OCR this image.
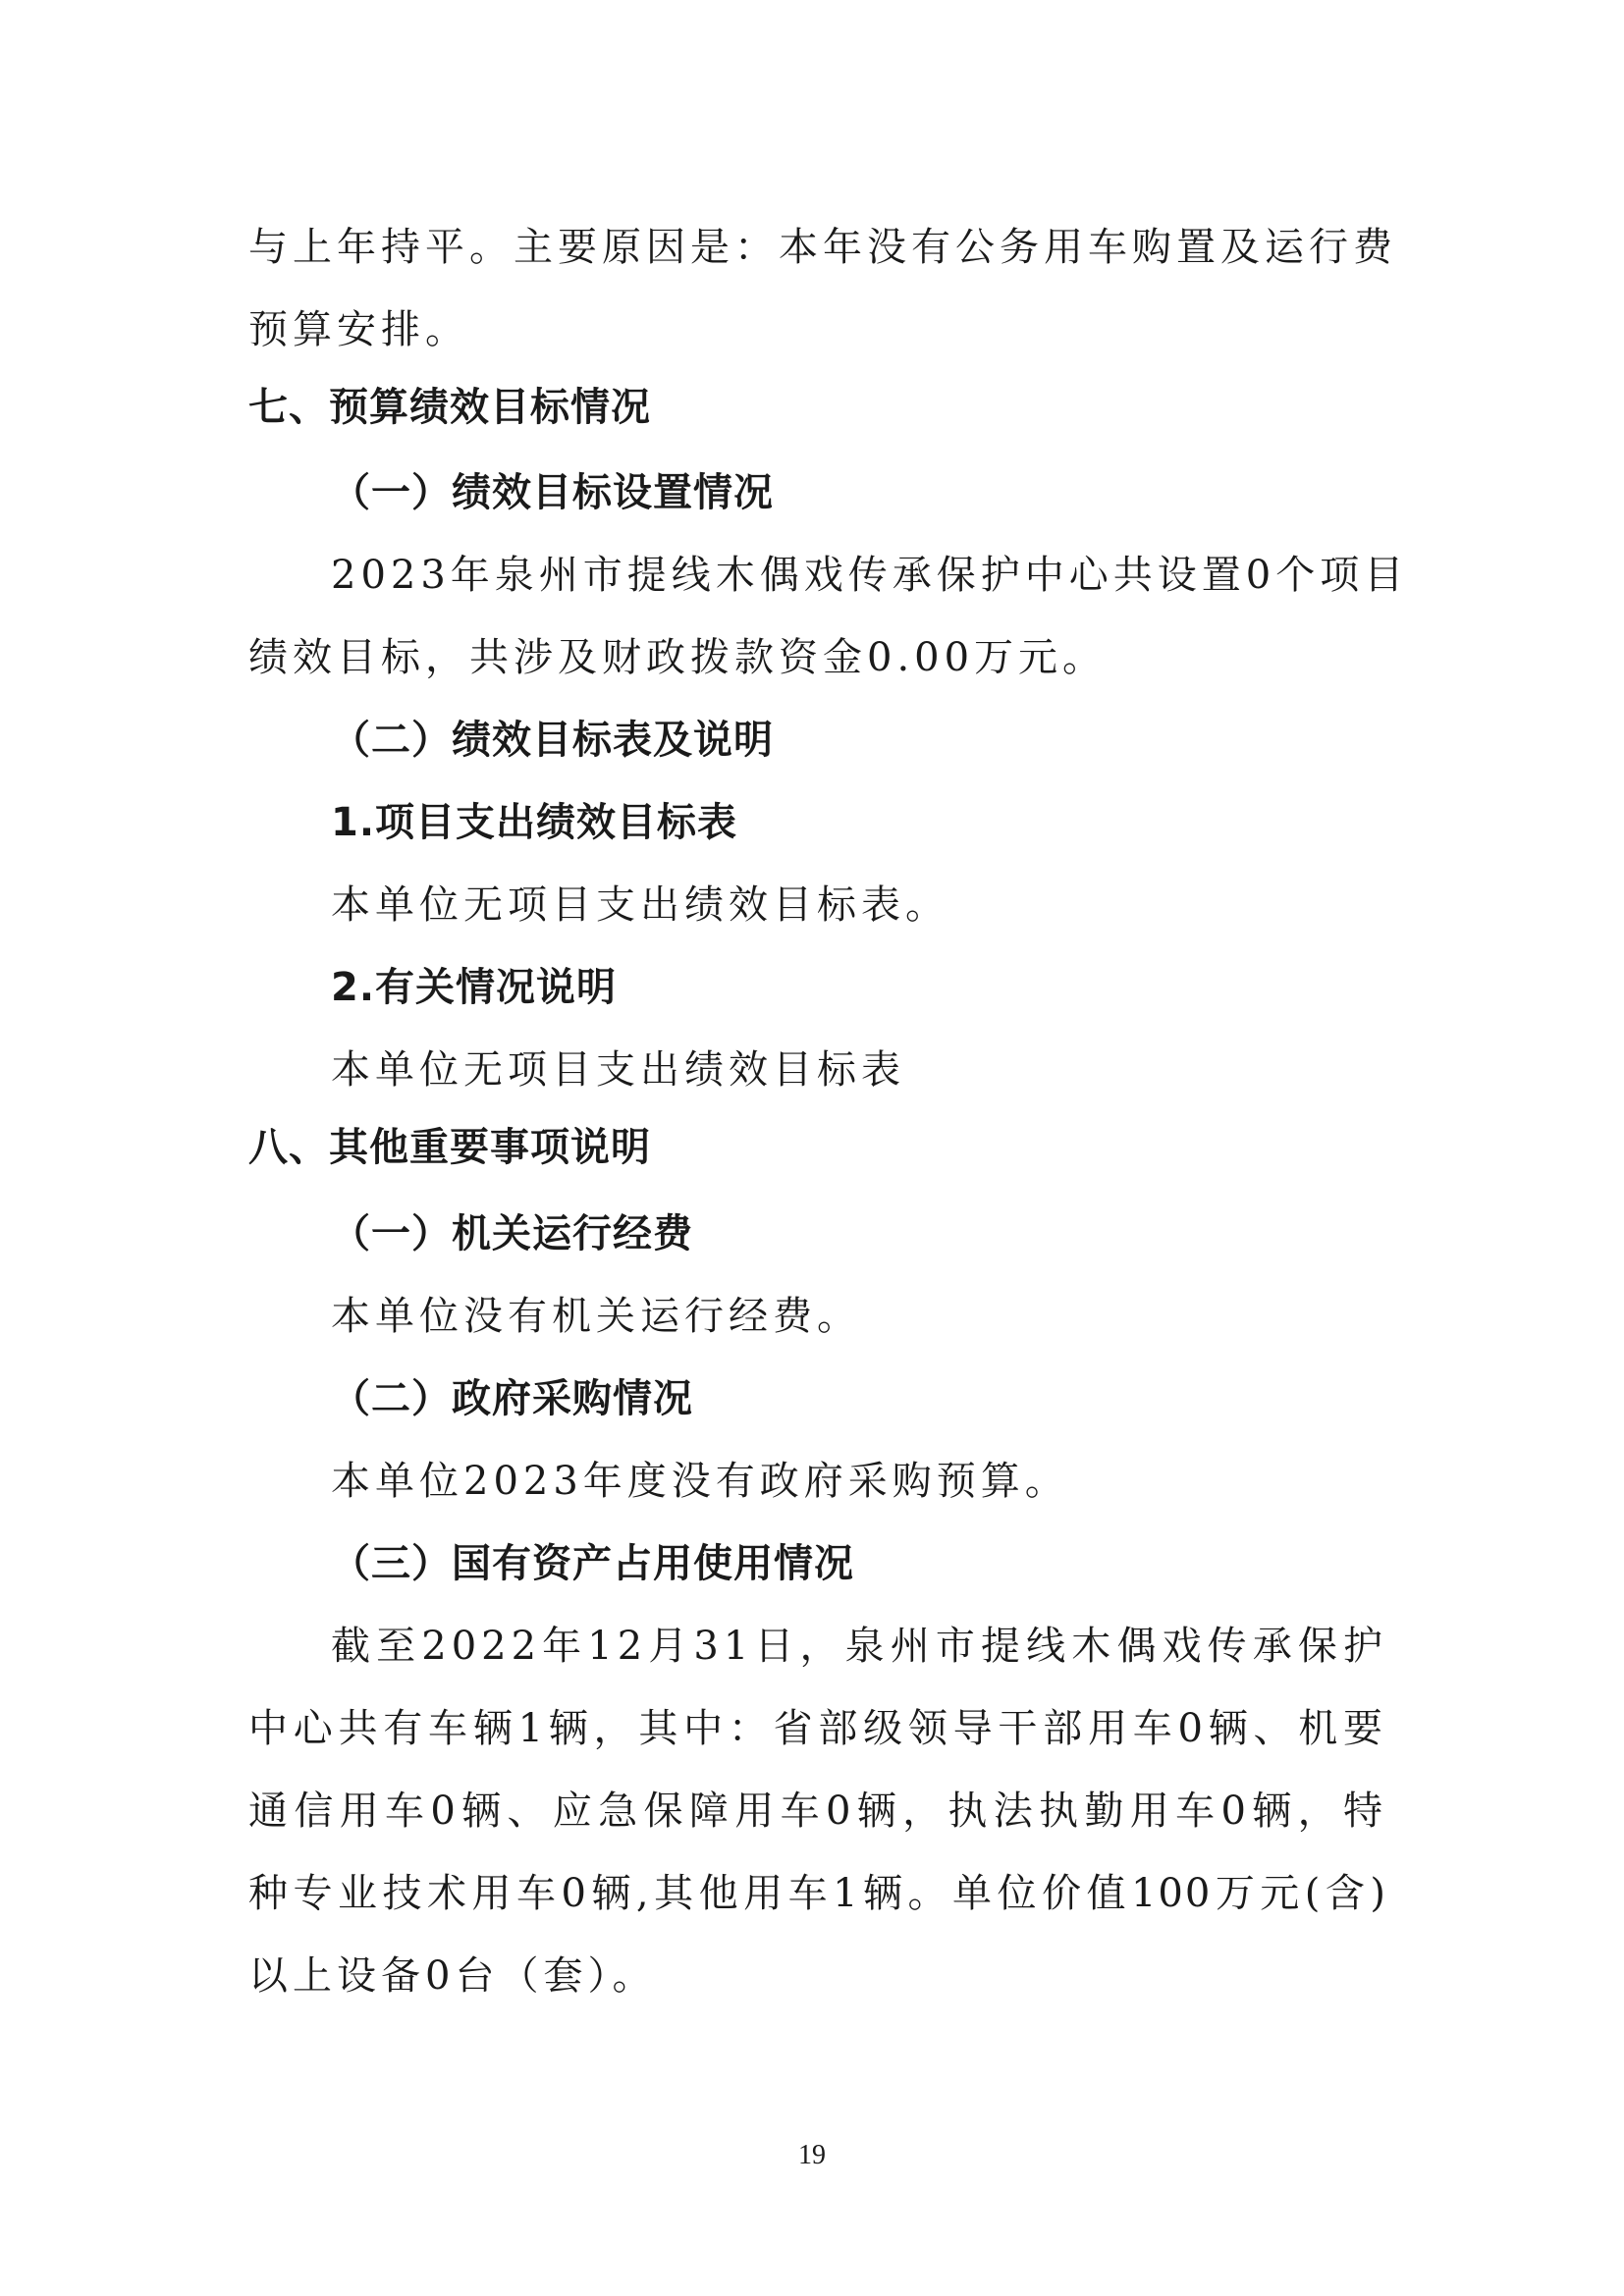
与上年持平。主要原因是：本年没有公务用车购置及运行费
预算安排。
七、预算绩效目标情况
（一）绩效目标设置情况
2023年泉州市提线木偶戏传承保护中心共设置0个项目
绩效目标，共涉及财政拨款资金0.00万元。
（二）绩效目标表及说明
1.项目支出绩效目标表
本单位无项目支出绩效目标表。
2.有关情况说明
本单位无项目支出绩效目标表
八、其他重要事项说明
（一）机关运行经费
本单位没有机关运行经费。
（二）政府采购情况
本单位2023年度没有政府采购预算。
（三）国有资产占用使用情况
截至2022年12月31日，泉州市提线木偶戏传承保护
中心共有车辆1辆，其中：省部级领导干部用车0辆、机要
通信用车0辆、应急保障用车0辆，执法执勤用车0辆，特
种专业技术用车0辆,其他用车1辆。单位价值100万元(含)
以上设备0台（套）。
19
